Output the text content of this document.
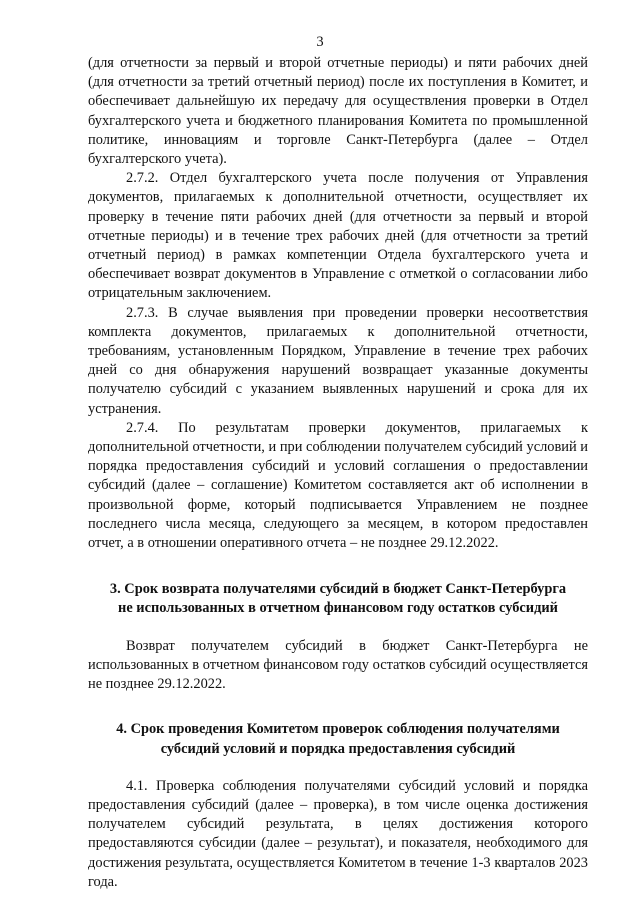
3

(для отчетности за первый и второй отчетные периоды) и пяти рабочих дней (для отчетности за третий отчетный период) после их поступления в Комитет, и обеспечивает дальнейшую их передачу для осуществления проверки в Отдел бухгалтерского учета и бюджетного планирования Комитета по промышленной политике, инновациям и торговле Санкт-Петербурга (далее – Отдел бухгалтерского учета).

2.7.2. Отдел бухгалтерского учета после получения от Управления документов, прилагаемых к дополнительной отчетности, осуществляет их проверку в течение пяти рабочих дней (для отчетности за первый и второй отчетные периоды) и в течение трех рабочих дней (для отчетности за третий отчетный период) в рамках компетенции Отдела бухгалтерского учета и обеспечивает возврат документов в Управление с отметкой о согласовании либо отрицательным заключением.

2.7.3. В случае выявления при проведении проверки несоответствия комплекта документов, прилагаемых к дополнительной отчетности, требованиям, установленным Порядком, Управление в течение трех рабочих дней со дня обнаружения нарушений возвращает указанные документы получателю субсидий с указанием выявленных нарушений и срока для их устранения.

2.7.4. По результатам проверки документов, прилагаемых к дополнительной отчетности, и при соблюдении получателем субсидий условий и порядка предоставления субсидий и условий соглашения о предоставлении субсидий (далее – соглашение) Комитетом составляется акт об исполнении в произвольной форме, который подписывается Управлением не позднее последнего числа месяца, следующего за месяцем, в котором предоставлен отчет, а в отношении оперативного отчета – не позднее 29.12.2022.

3. Срок возврата получателями субсидий в бюджет Санкт-Петербурга
не использованных в отчетном финансовом году остатков субсидий

Возврат получателем субсидий в бюджет Санкт-Петербурга не использованных в отчетном финансовом году остатков субсидий осуществляется не позднее 29.12.2022.

4. Срок проведения Комитетом проверок соблюдения получателями
субсидий условий и порядка предоставления субсидий

4.1. Проверка соблюдения получателями субсидий условий и порядка предоставления субсидий (далее – проверка), в том числе оценка достижения получателем субсидий результата, в целях достижения которого предоставляются субсидии (далее – результат), и показателя, необходимого для достижения результата, осуществляется Комитетом в течение 1-3 кварталов 2023 года.
